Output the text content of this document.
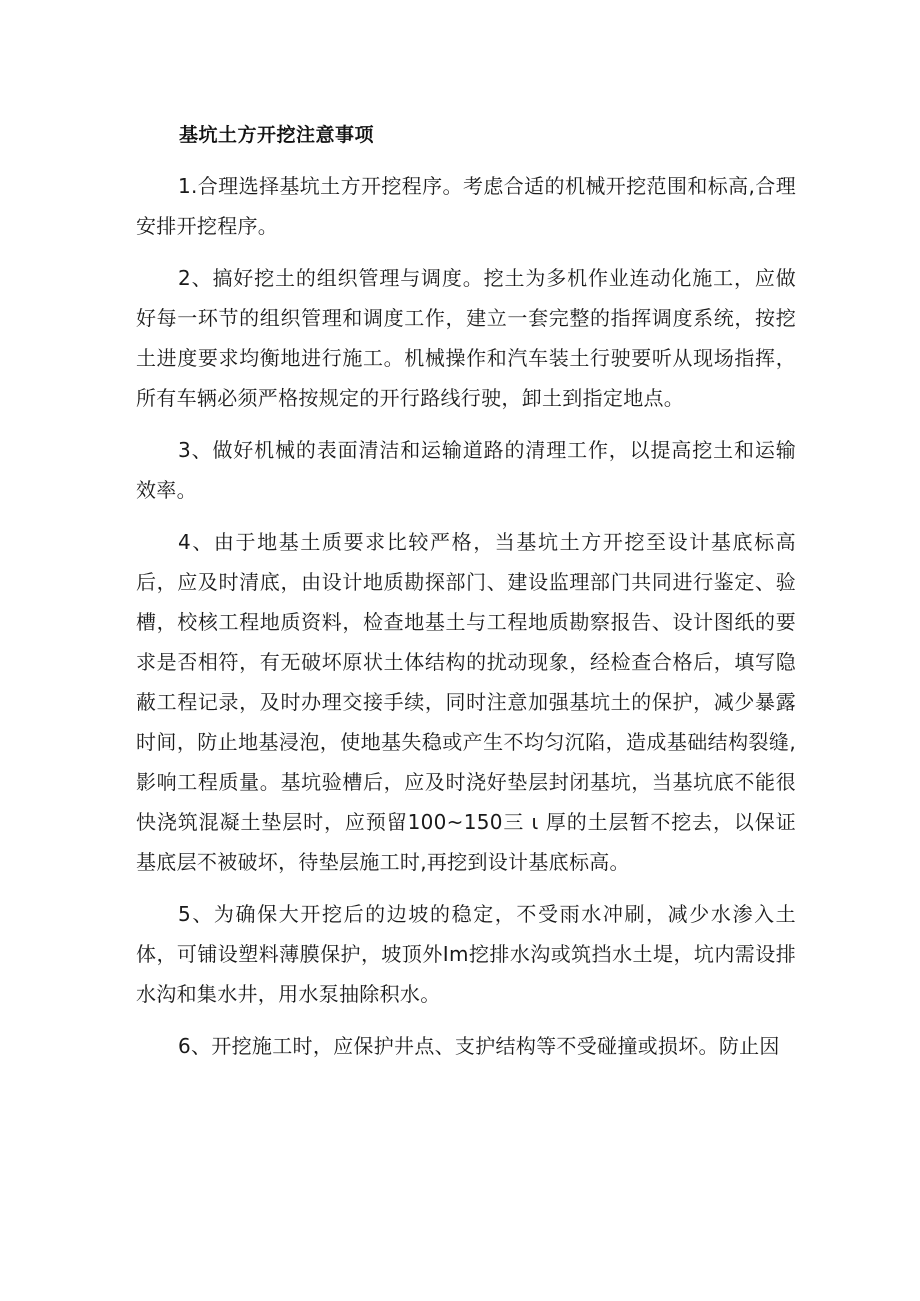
基坑土方开挖注意事项

1.合理选择基坑土方开挖程序。考虑合适的机械开挖范围和标高,合理安排开挖程序。

2、搞好挖土的组织管理与调度。挖土为多机作业连动化施工，应做好每一环节的组织管理和调度工作，建立一套完整的指挥调度系统，按挖土进度要求均衡地进行施工。机械操作和汽车装土行驶要听从现场指挥，所有车辆必须严格按规定的开行路线行驶，卸土到指定地点。

3、做好机械的表面清洁和运输道路的清理工作，以提高挖土和运输效率。

4、由于地基土质要求比较严格，当基坑土方开挖至设计基底标高后，应及时清底，由设计地质勘探部门、建设监理部门共同进行鉴定、验槽，校核工程地质资料，检查地基土与工程地质勘察报告、设计图纸的要求是否相符，有无破坏原状土体结构的扰动现象，经检查合格后，填写隐蔽工程记录，及时办理交接手续，同时注意加强基坑土的保护，减少暴露时间，防止地基浸泡，使地基失稳或产生不均匀沉陷，造成基础结构裂缝,影响工程质量。基坑验槽后，应及时浇好垫层封闭基坑，当基坑底不能很快浇筑混凝土垫层时，应预留100~150三 ι 厚的土层暂不挖去，以保证基底层不被破坏，待垫层施工时,再挖到设计基底标高。

5、为确保大开挖后的边坡的稳定，不受雨水冲刷，减少水渗入土体，可铺设塑料薄膜保护，坡顶外Im挖排水沟或筑挡水土堤，坑内需设排水沟和集水井，用水泵抽除积水。

6、开挖施工时，应保护井点、支护结构等不受碰撞或损坏。防止因
